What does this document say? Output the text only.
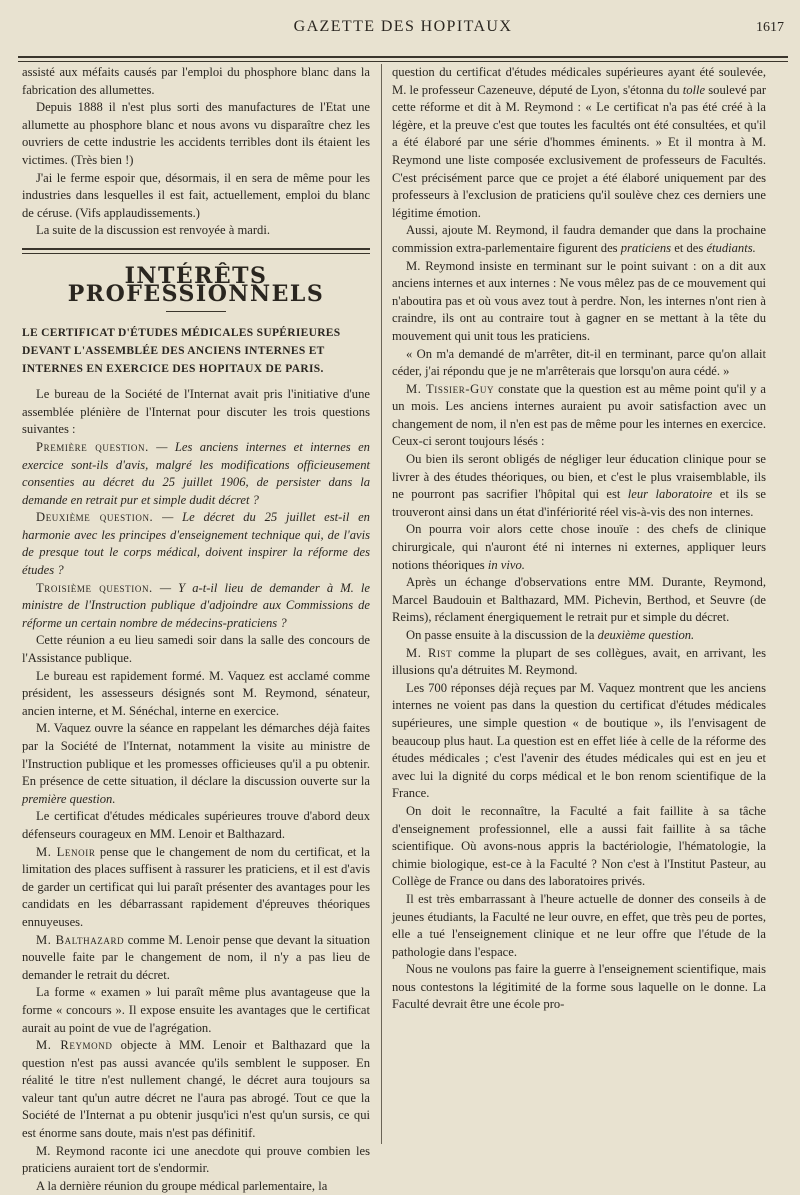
GAZETTE DES HOPITAUX	1617

assisté aux méfaits causés par l'emploi du phosphore blanc dans la fabrication des allumettes.

Depuis 1888 il n'est plus sorti des manufactures de l'Etat une allumette au phosphore blanc et nous avons vu disparaître chez les ouvriers de cette industrie les accidents terribles dont ils étaient les victimes. (Très bien !)

J'ai le ferme espoir que, désormais, il en sera de même pour les industries dans lesquelles il est fait, actuellement, emploi du blanc de céruse. (Vifs applaudissements.)

La suite de la discussion est renvoyée à mardi.

INTÉRÊTS PROFESSIONNELS
LE CERTIFICAT D'ÉTUDES MÉDICALES SUPÉRIEURES DEVANT L'ASSEMBLÉE DES ANCIENS INTERNES ET INTERNES EN EXERCICE DES HOPITAUX DE PARIS.

Le bureau de la Société de l'Internat avait pris l'initiative d'une assemblée plénière de l'Internat pour discuter les trois questions suivantes :

Première question. — Les anciens internes et internes en exercice sont-ils d'avis, malgré les modifications officieusement consenties au décret du 25 juillet 1906, de persister dans la demande en retrait pur et simple dudit décret ?

Deuxième question. — Le décret du 25 juillet est-il en harmonie avec les principes d'enseignement technique qui, de l'avis de presque tout le corps médical, doivent inspirer la réforme des études ?

Troisième question. — Y a-t-il lieu de demander à M. le ministre de l'Instruction publique d'adjoindre aux Commissions de réforme un certain nombre de médecins-praticiens ?

Cette réunion a eu lieu samedi soir dans la salle des concours de l'Assistance publique.

Le bureau est rapidement formé. M. Vaquez est acclamé comme président, les assesseurs désignés sont M. Reymond, sénateur, ancien interne, et M. Sénéchal, interne en exercice.

M. Vaquez ouvre la séance en rappelant les démarches déjà faites par la Société de l'Internat, notamment la visite au ministre de l'Instruction publique et les promesses officieuses qu'il a pu obtenir. En présence de cette situation, il déclare la discussion ouverte sur la première question.

Le certificat d'études médicales supérieures trouve d'abord deux défenseurs courageux en MM. Lenoir et Balthazard.

M. Lenoir pense que le changement de nom du certificat, et la limitation des places suffisent à rassurer les praticiens, et il est d'avis de garder un certificat qui lui paraît présenter des avantages pour les candidats en les débarrassant rapidement d'épreuves théoriques ennuyeuses.

M. Balthazard comme M. Lenoir pense que devant la situation nouvelle faite par le changement de nom, il n'y a pas lieu de demander le retrait du décret.

La forme « examen » lui paraît même plus avantageuse que la forme « concours ». Il expose ensuite les avantages que le certificat aurait au point de vue de l'agrégation.

M. Reymond objecte à MM. Lenoir et Balthazard que la question n'est pas aussi avancée qu'ils semblent le supposer. En réalité le titre n'est nullement changé, le décret aura toujours sa valeur tant qu'un autre décret ne l'aura pas abrogé. Tout ce que la Société de l'Internat a pu obtenir jusqu'ici n'est qu'un sursis, ce qui est énorme sans doute, mais n'est pas définitif.

M. Reymond raconte ici une anecdote qui prouve combien les praticiens auraient tort de s'endormir.

A la dernière réunion du groupe médical parlementaire, la

question du certificat d'études médicales supérieures ayant été soulevée, M. le professeur Cazeneuve, député de Lyon, s'étonna du tolle soulevé par cette réforme et dit à M. Reymond : « Le certificat n'a pas été créé à la légère, et la preuve c'est que toutes les facultés ont été consultées, et qu'il a été élaboré par une série d'hommes éminents. » Et il montra à M. Reymond une liste composée exclusivement de professeurs de Facultés. C'est précisément parce que ce projet a été élaboré uniquement par des professeurs à l'exclusion de praticiens qu'il soulève chez ces derniers une légitime émotion.

Aussi, ajoute M. Reymond, il faudra demander que dans la prochaine commission extra-parlementaire figurent des praticiens et des étudiants.

M. Reymond insiste en terminant sur le point suivant : on a dit aux anciens internes et aux internes : Ne vous mêlez pas de ce mouvement qui n'aboutira pas et où vous avez tout à perdre. Non, les internes n'ont rien à craindre, ils ont au contraire tout à gagner en se mettant à la tête du mouvement qui unit tous les praticiens.

« On m'a demandé de m'arrêter, dit-il en terminant, parce qu'on allait céder, j'ai répondu que je ne m'arrêterais que lorsqu'on aura cédé. »

M. Tissier-Guy constate que la question est au même point qu'il y a un mois. Les anciens internes auraient pu avoir satisfaction avec un changement de nom, il n'en est pas de même pour les internes en exercice. Ceux-ci seront toujours lésés :

Ou bien ils seront obligés de négliger leur éducation clinique pour se livrer à des études théoriques, ou bien, et c'est le plus vraisemblable, ils ne pourront pas sacrifier l'hôpital qui est leur laboratoire et ils se trouveront ainsi dans un état d'infériorité réel vis-à-vis des non internes.

On pourra voir alors cette chose inouïe : des chefs de clinique chirurgicale, qui n'auront été ni internes ni externes, appliquer leurs notions théoriques in vivo.

Après un échange d'observations entre MM. Durante, Reymond, Marcel Baudouin et Balthazard, MM. Pichevin, Berthod, et Seuvre (de Reims), réclament énergiquement le retrait pur et simple du décret.

On passe ensuite à la discussion de la deuxième question.

M. Rist comme la plupart de ses collègues, avait, en arrivant, les illusions qu'a détruites M. Reymond.

Les 700 réponses déjà reçues par M. Vaquez montrent que les anciens internes ne voient pas dans la question du certificat d'études médicales supérieures, une simple question « de boutique », ils l'envisagent de beaucoup plus haut. La question est en effet liée à celle de la réforme des études médicales ; c'est l'avenir des études médicales qui est en jeu et avec lui la dignité du corps médical et le bon renom scientifique de la France.

On doit le reconnaître, la Faculté a fait faillite à sa tâche d'enseignement professionnel, elle a aussi fait faillite à sa tâche scientifique. Où avons-nous appris la bactériologie, l'hématologie, la chimie biologique, est-ce à la Faculté ? Non c'est à l'Institut Pasteur, au Collège de France ou dans des laboratoires privés.

Il est très embarrassant à l'heure actuelle de donner des conseils à de jeunes étudiants, la Faculté ne leur ouvre, en effet, que très peu de portes, elle a tué l'enseignement clinique et ne leur offre que l'étude de la pathologie dans l'espace.

Nous ne voulons pas faire la guerre à l'enseignement scientifique, mais nous contestons la légitimité de la forme sous laquelle on le donne. La Faculté devrait être une école pro-
